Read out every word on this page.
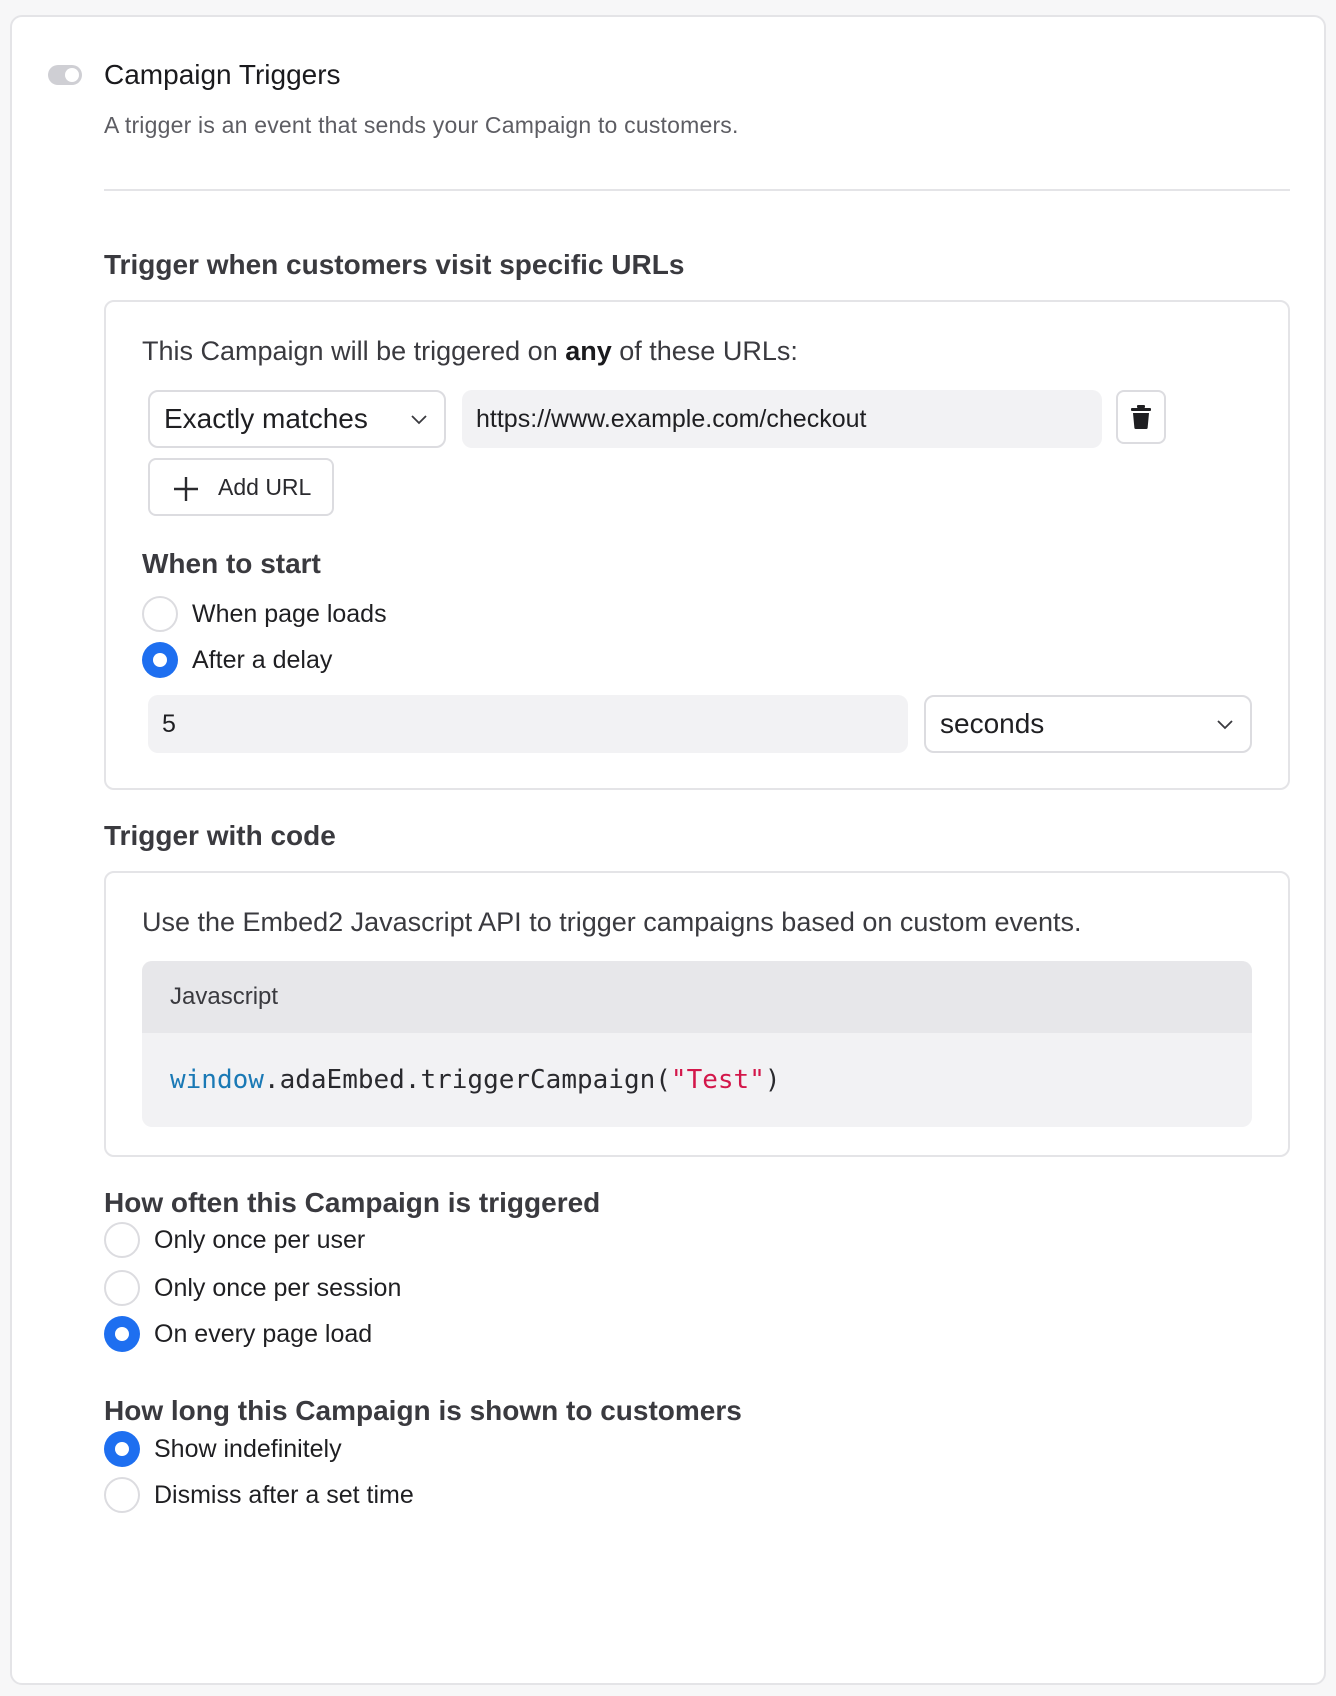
Campaign Triggers
A trigger is an event that sends your Campaign to customers.
Trigger when customers visit specific URLs
This Campaign will be triggered on any of these URLs:
Exactly matches	https://www.example.com/checkout
Add URL
When to start
When page loads
After a delay
5	seconds
Trigger with code
Use the Embed2 Javascript API to trigger campaigns based on custom events.
Javascript
window.adaEmbed.triggerCampaign("Test")
How often this Campaign is triggered
Only once per user
Only once per session
On every page load
How long this Campaign is shown to customers
Show indefinitely
Dismiss after a set time
